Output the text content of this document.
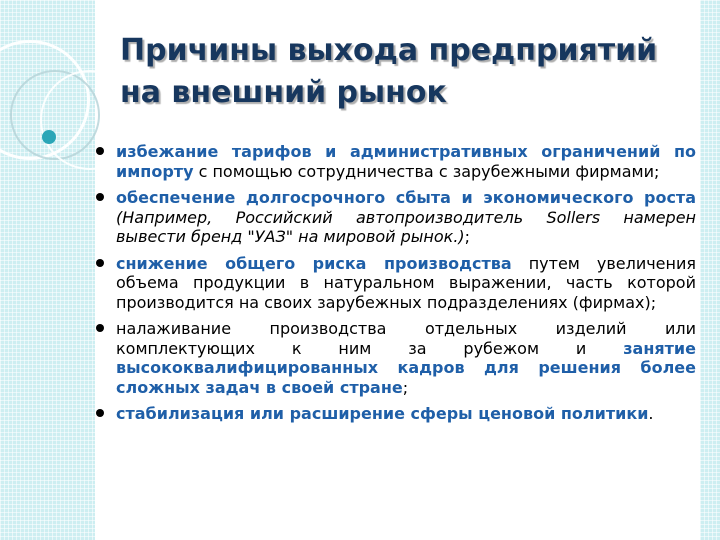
Причины выхода предприятий на внешний рынок
избежание тарифов и административных ограничений по импорту с помощью сотрудничества с зарубежными фирмами;
обеспечение долгосрочного сбыта и экономического роста (Например, Российский автопроизводитель Sollers намерен вывести бренд "УАЗ" на мировой рынок.);
снижение общего риска производства путем увеличения объема продукции в натуральном выражении, часть которой производится на своих зарубежных подразделениях (фирмах);
налаживание производства отдельных изделий или комплектующих к ним за рубежом и занятие высококвалифицированных кадров для решения более сложных задач в своей стране;
стабилизация или расширение сферы ценовой политики.
